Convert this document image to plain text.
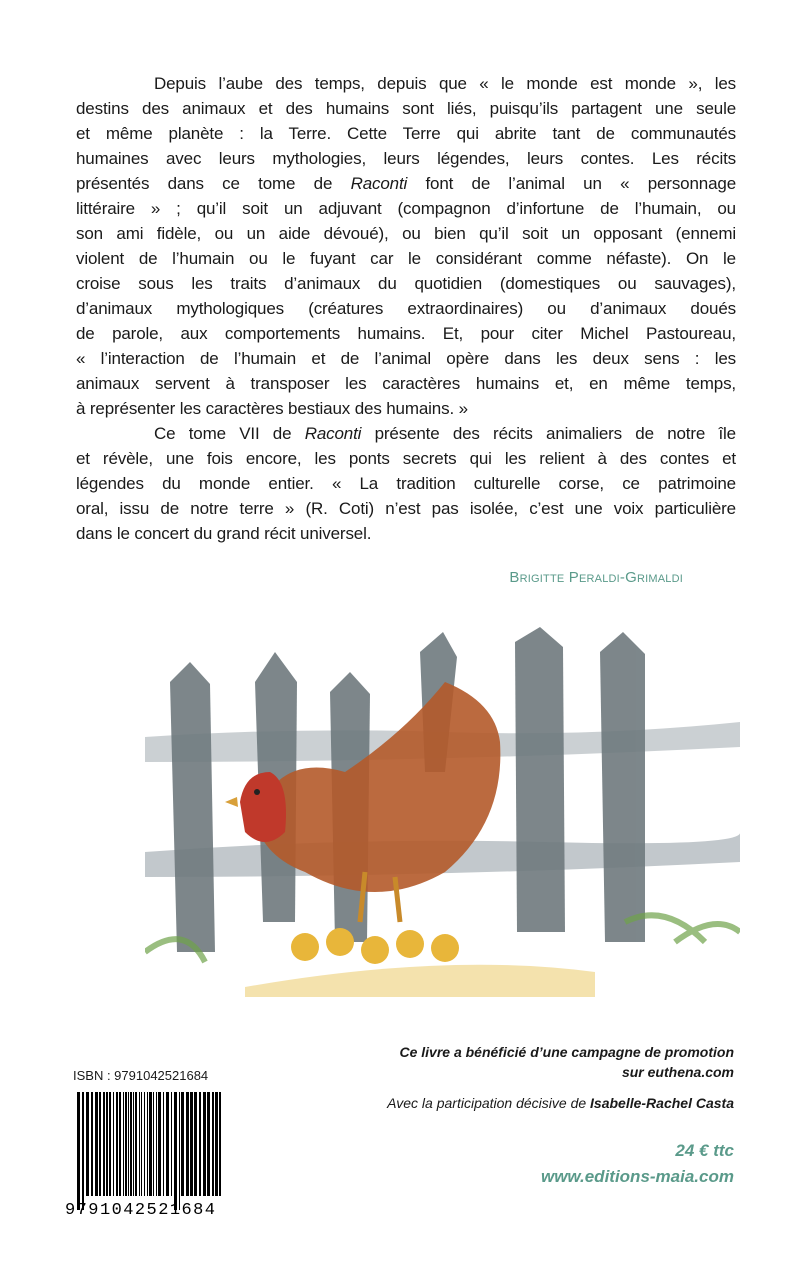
Depuis l’aube des temps, depuis que « le monde est monde », les
destins des animaux et des humains sont liés, puisqu’ils partagent une seule
et même planète : la Terre. Cette Terre qui abrite tant de communautés
humaines avec leurs mythologies, leurs légendes, leurs contes. Les récits
présentés dans ce tome de Raconti font de l’animal un « personnage
littéraire » ; qu’il soit un adjuvant (compagnon d’infortune de l’humain, ou
son ami fidèle, ou un aide dévoué), ou bien qu’il soit un opposant (ennemi
violent de l’humain ou le fuyant car le considérant comme néfaste). On le
croise sous les traits d’animaux du quotidien (domestiques ou sauvages),
d’animaux mythologiques (créatures extraordinaires) ou d’animaux doués
de parole, aux comportements humains. Et, pour citer Michel Pastoureau,
« l’interaction de l’humain et de l’animal opère dans les deux sens : les
animaux servent à transposer les caractères humains et, en même temps,
à représenter les caractères bestiaux des humains. »
Ce tome VII de Raconti présente des récits animaliers de notre île
et révèle, une fois encore, les ponts secrets qui les relient à des contes et
légendes du monde entier. « La tradition culturelle corse, ce patrimoine
oral, issu de notre terre » (R. Coti) n’est pas isolée, c’est une voix particulière
dans le concert du grand récit universel.
Brigitte Peraldi-Grimaldi
ISBN : 9791042521684
9791042521684

Ce livre a bénéficié d’une campagne de promotion

sur euthena.com

Avec la participation décisive de Isabelle-Rachel Casta

24 € ttc
www.editions-maia.com
